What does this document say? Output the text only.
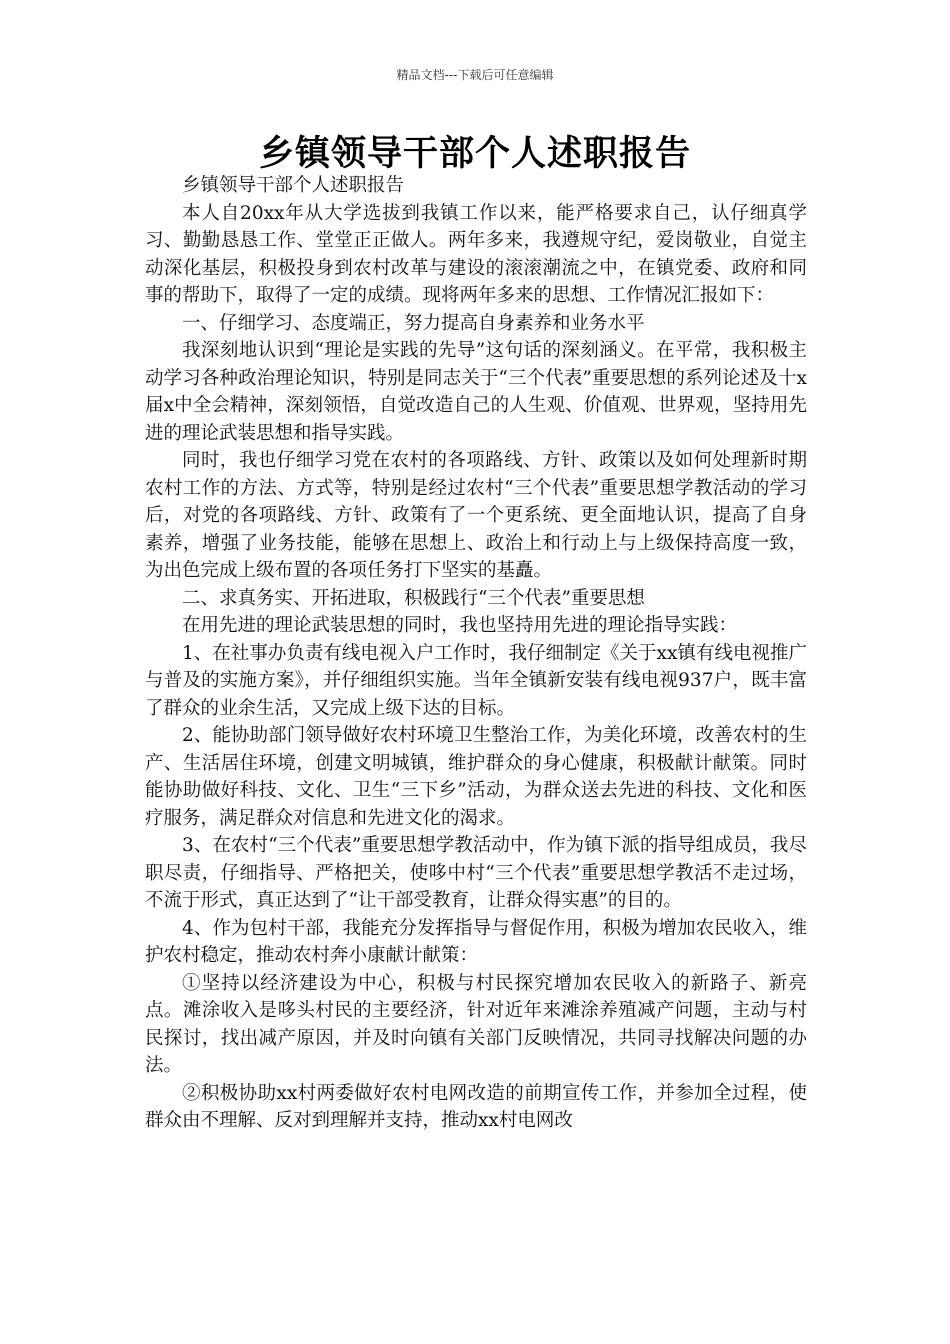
精品文档---下载后可任意编辑
乡镇领导干部个人述职报告

乡镇领导干部个人述职报告

本人自20xx年从大学选拔到我镇工作以来，能严格要求自己，认仔细真学习、勤勤恳恳工作、堂堂正正做人。两年多来，我遵规守纪，爱岗敬业，自觉主动深化基层，积极投身到农村改革与建设的滚滚潮流之中，在镇党委、政府和同事的帮助下，取得了一定的成绩。现将两年多来的思想、工作情况汇报如下：

一、仔细学习、态度端正，努力提高自身素养和业务水平

我深刻地认识到“理论是实践的先导”这句话的深刻涵义。在平常，我积极主动学习各种政治理论知识，特别是同志关于“三个代表”重要思想的系列论述及十x届x中全会精神，深刻领悟，自觉改造自己的人生观、价值观、世界观，坚持用先进的理论武装思想和指导实践。

同时，我也仔细学习党在农村的各项路线、方针、政策以及如何处理新时期农村工作的方法、方式等，特别是经过农村“三个代表”重要思想学教活动的学习后，对党的各项路线、方针、政策有了一个更系统、更全面地认识，提高了自身素养，增强了业务技能，能够在思想上、政治上和行动上与上级保持高度一致，为出色完成上级布置的各项任务打下坚实的基矗。

二、求真务实、开拓进取，积极践行“三个代表”重要思想

在用先进的理论武装思想的同时，我也坚持用先进的理论指导实践：

1、在社事办负责有线电视入户工作时，我仔细制定《关于xx镇有线电视推广与普及的实施方案》，并仔细组织实施。当年全镇新安装有线电视937户，既丰富了群众的业余生活，又完成上级下达的目标。

2、能协助部门领导做好农村环境卫生整治工作，为美化环境，改善农村的生产、生活居住环境，创建文明城镇，维护群众的身心健康，积极献计献策。同时能协助做好科技、文化、卫生“三下乡”活动，为群众送去先进的科技、文化和医疗服务，满足群众对信息和先进文化的渴求。

3、在农村“三个代表”重要思想学教活动中，作为镇下派的指导组成员，我尽职尽责，仔细指导、严格把关，使哆中村“三个代表”重要思想学教活不走过场，不流于形式，真正达到了“让干部受教育，让群众得实惠”的目的。

4、作为包村干部，我能充分发挥指导与督促作用，积极为增加农民收入，维护农村稳定，推动农村奔小康献计献策：

①坚持以经济建设为中心，积极与村民探究增加农民收入的新路子、新亮点。滩涂收入是哆头村民的主要经济，针对近年来滩涂养殖减产问题，主动与村民探讨，找出减产原因，并及时向镇有关部门反映情况，共同寻找解决问题的办法。

②积极协助xx村两委做好农村电网改造的前期宣传工作，并参加全过程，使群众由不理解、反对到理解并支持，推动xx村电网改
